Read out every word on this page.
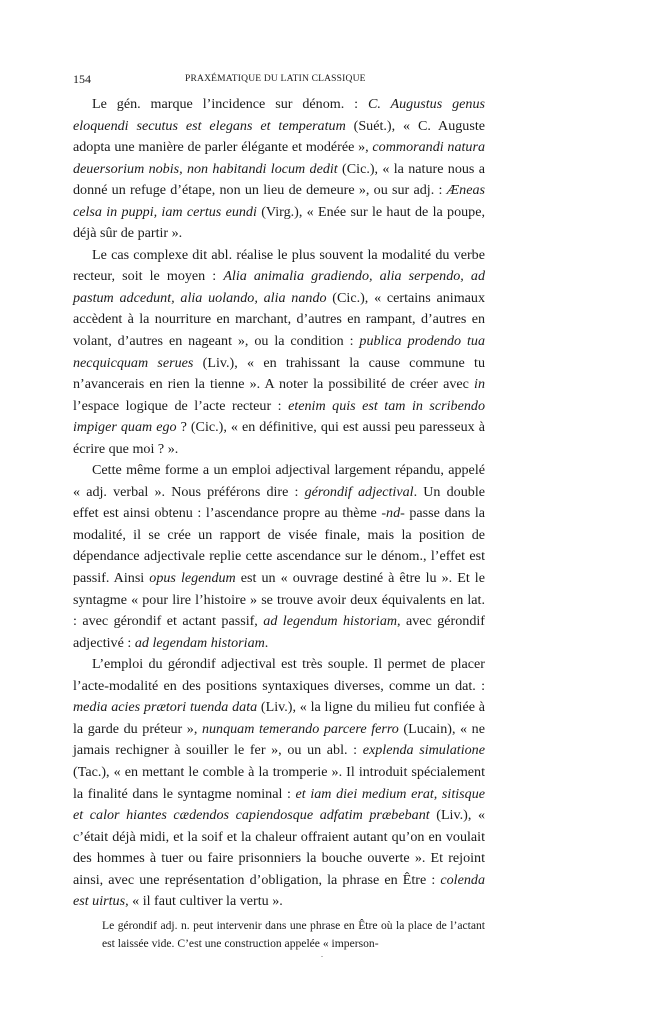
154	PRAXÉMATIQUE DU LATIN CLASSIQUE

Le gén. marque l’incidence sur dénom. : C. Augustus genus eloquendi secutus est elegans et temperatum (Suét.), « C. Auguste adopta une manière de parler élégante et modérée », commorandi natura deuersorium nobis, non habitandi locum dedit (Cic.), « la nature nous a donné un refuge d’étape, non un lieu de demeure », ou sur adj. : Æneas celsa in puppi, iam certus eundi (Virg.), « Enée sur le haut de la poupe, déjà sûr de partir ».

Le cas complexe dit abl. réalise le plus souvent la modalité du verbe recteur, soit le moyen : Alia animalia gradiendo, alia serpendo, ad pastum adcedunt, alia uolando, alia nando (Cic.), « certains animaux accèdent à la nourriture en marchant, d’autres en rampant, d’autres en volant, d’autres en nageant », ou la condition : publica prodendo tua necquicquam serues (Liv.), « en trahissant la cause commune tu n’avancerais en rien la tienne ». A noter la possibilité de créer avec in l’espace logique de l’acte recteur : etenim quis est tam in scribendo impiger quam ego ? (Cic.), « en définitive, qui est aussi peu paresseux à écrire que moi ? ».

Cette même forme a un emploi adjectival largement répandu, appelé « adj. verbal ». Nous préférons dire : gérondif adjectival. Un double effet est ainsi obtenu : l’ascendance propre au thème -nd- passe dans la modalité, il se crée un rapport de visée finale, mais la position de dépendance adjectivale replie cette ascendance sur le dénom., l’effet est passif. Ainsi opus legendum est un « ouvrage destiné à être lu ». Et le syntagme « pour lire l’histoire » se trouve avoir deux équivalents en lat. : avec gérondif et actant passif, ad legendum historiam, avec gérondif adjectivé : ad legendam historiam.

L’emploi du gérondif adjectival est très souple. Il permet de placer l’acte-modalité en des positions syntaxiques diverses, comme un dat. : media acies prætori tuenda data (Liv.), « la ligne du milieu fut confiée à la garde du préteur », nunquam temerando parcere ferro (Lucain), « ne jamais rechigner à souiller le fer », ou un abl. : explenda simulatione (Tac.), « en mettant le comble à la tromperie ». Il introduit spécialement la finalité dans le syntagme nominal : et iam diei medium erat, sitisque et calor hiantes cædendos capiendosque adfatim præbebant (Liv.), « c’était déjà midi, et la soif et la chaleur offraient autant qu’on en voulait des hommes à tuer ou faire prisonniers la bouche ouverte ». Et rejoint ainsi, avec une représentation d’obligation, la phrase en Être : colenda est uirtus, « il faut cultiver la vertu ».

Le gérondif adj. n. peut intervenir dans une phrase en Être où la place de l’actant est laissée vide. C’est une construction appelée « imperson-
